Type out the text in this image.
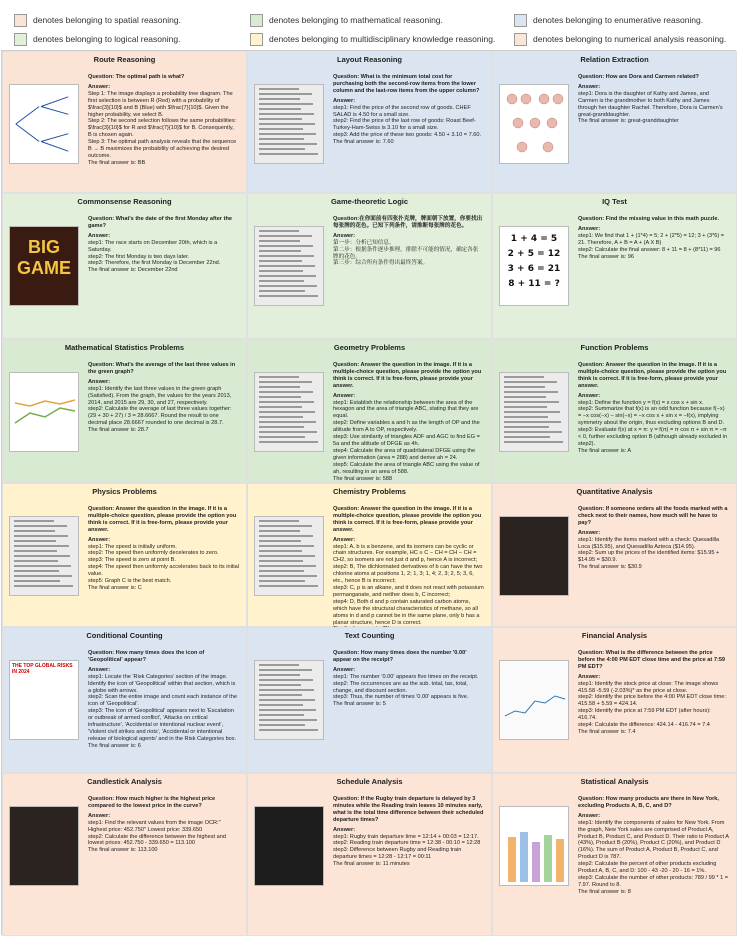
denotes belonging to spatial reasoning.	denotes belonging to mathematical reasoning.	denotes belonging to enumerative reasoning.
denotes belonging to logical reasoning.	denotes belonging to multidisciplinary knowledge reasoning.	denotes belonging to numerical analysis reasoning.
Route Reasoning
Question: The optimal path is what?
Answer:
Step 1: The image displays a probability tree diagram. The first selection is between R (Red) with a probability of $\frac{3}{10}$ and B (Blue) with $\frac{7}{10}$. Given the higher probability, we select B.
Step 2: The second selection follows the same probabilities: $\frac{3}{10}$ for R and $\frac{7}{10}$ for B. Consequently, B is chosen again.
Step 3: The optimal path analysis reveals that the sequence B → B maximizes the probability of achieving the desired outcome.
The final answer is: BB
Layout Reasoning
Question: What is the minimum total cost for purchasing both the second-row items from the lower column and the last-row items from the upper column?
Answer:
step1: Find the price of the second row of goods. CHEF SALAD is 4.50 for a small size.
step2: Find the price of the last row of goods: Roast Beef-Turkey-Ham-Swiss is 3.10 for a small size.
step3: Add the price of these two goods: 4.50 + 3.10 = 7.60.
The final answer is: 7.60
Relation Extraction
Question: How are Dora and Carmen related?
Answer:
step1: Dora is the daughter of Kathy and James, and Carmen is the grandmother to both Kathy and James through her daughter Rachel. Therefore, Dora is Carmen's great-granddaughter.
The final answer is: great-granddaughter
Commonsense Reasoning
BIG GAME
Question: What's the date of the first Monday after the game?
Answer:
step1: The race starts on December 20th, which is a Saturday.
step2: The first Monday is two days later.
step3: Therefore, the first Monday is December 22nd.
The final answer is: December 22nd
Game-theoretic Logic
Question:在你面前有四张扑克牌，牌面朝下放置，你要找出每张牌的花色。已知下列条件，请推断每张牌的花色。
Answer:
第一步：分析已知信息。
第二步：根据条件逐步推理，排除不可能的情况，确定各张牌的花色。
第三步：综合所有条件得出最终答案。
IQ Test
1 + 4 = 5
2 + 5 = 12
3 + 6 = 21
8 + 11 = ?
Question: Find the missing value in this math puzzle.
Answer:
step1: We find that 1 + (1*4) = 5; 2 + (2*5) = 12; 3 + (3*6) = 21. Therefore, A + B = A + (A X B)
step2: Calculate the final answer: 8 + 11 = 8 + (8*11) = 96
The final answer is: 96
Mathematical Statistics Problems
Question: What's the average of the last three values in the green graph?
Answer:
step1: Identify the last three values in the green graph (Satisfied). From the graph, the values for the years 2013, 2014, and 2015 are 29, 30, and 27, respectively.
step2: Calculate the average of last three values together: (29 + 30 + 27) / 3 = 28.6667. Round the result to one decimal place 28.6667 rounded to one decimal is 28.7.
The final answer is: 28.7
Geometry Problems
Question: Answer the question in the image. If it is a multiple-choice question, please provide the option you think is correct. If it is free-form, please provide your answer.
Answer:
step1: Establish the relationship between the area of the hexagon and the area of triangle ABC, stating that they are equal.
step2: Define variables a and h as the length of OP and the altitude from A to OP, respectively.
step3: Use similarity of triangles ADF and AGC to find EG = 5a and the altitude of DFGE as 4h.
step4: Calculate the area of quadrilateral DFGE using the given information (area = 288) and derive ah = 24.
step5: Calculate the area of triangle ABC using the value of ah, resulting in an area of 588.
The final answer is: 588
Function Problems
Question: Answer the question in the image. If it is a multiple-choice question, please provide the option you think is correct. If it is free-form, please provide your answer.
Answer:
step1: Define the function y = f(x) = x cos x + sin x.
step2: Summarize that f(x) is an odd function because f(−x) = −x cos(−x) − sin(−x) = −x cos x + sin x = −f(x), implying symmetry about the origin, thus excluding options B and D.
step3: Evaluate f(x) at x = π: y = f(π) = π cos π + sin π = −π < 0, further excluding option B (although already excluded in step2).
The final answer is: A
Physics Problems
Question: Answer the question in the image. If it is a multiple-choice question, please provide the option you think is correct. If it is free-form, please provide your answer.
Answer:
step1: The speed is initially uniform.
step2: The speed then uniformly decelerates to zero.
step3: The speed is zero at point B.
step4: The speed then uniformly accelerates back to its initial value.
step5: Graph C is the best match.
The final answer is: C
Chemistry Problems
Question: Answer the question in the image. If it is a multiple-choice question, please provide the option you think is correct. If it is free-form, please provide your answer.
Answer:
step1: A, b is a benzene, and its isomers can be cyclic or chain structures. For example, HC ≡ C − CH = CH − CH = CH2, so isomers are not just d and p, hence A is incorrect;
step2: B, The dichlorinated derivatives of b can have the two chlorine atoms at positions 1, 2; 1, 3; 1, 4; 2, 3; 2, 5; 3, 6, etc., hence B is incorrect;
step3: C, p is an alkane, and it does not react with potassium permanganate, and neither does b, C incorrect;
step4: D, Both d and p contain saturated carbon atoms, which have the structural characteristics of methane, so all atoms in d and p cannot be in the same plane, only b has a planar structure, hence D is correct.
Quantitative Analysis
Question: If someone orders all the foods marked with a check next to their names, how much will he have to pay?
Answer:
step1: Identify the items marked with a check: Quesadilla Loca ($15.95), and Quesadilla Azteca ($14.95).
step2: Sum up the prices of the identified items: $15.95 + $14.95 = $30.9.
The final answer is: $30.9
Conditional Counting
THE TOP GLOBAL RISKS IN 2024
Question: How many times does the icon of 'Geopolitical' appear?
Answer:
step1: Locate the 'Risk Categories' section of the image. Identify the icon of 'Geopolitical' within that section, which is a globe with arrows.
step2: Scan the entire image and count each instance of the icon of 'Geopolitical'.
step3: The icon of 'Geopolitical' appears next to 'Escalation or outbreak of armed conflict', 'Attacks on critical infrastructure', 'Accidental or intentional nuclear event', 'Violent civil strikes and riots', 'Accidental or intentional release of biological agents' and in the Risk Categories box.
The final answer is: 6
Text Counting
Question: How many times does the number '0.00' appear on the receipt?
Answer:
step1: The number '0.00' appears five times on the receipt.
step2: The occurrences are as the sub. total, tax, total, change, and discount section.
step3: Thus, the number of times '0.00' appears is five.
The final answer is: 5
Financial Analysis
Question: What is the difference between the price before the 4:00 PM EDT close time and the price at 7:59 PM EDT?
Answer:
step1: Identify the stock price at close: The image shows 415.58 -5.59 (-2.03%)* as the price at close.
step2: Identify the price before the 4:00 PM EDT close time: 415.58 + 5.59 = 424.14.
step3: Identify the price at 7:59 PM EDT (after hours): 416.74.
step4: Calculate the difference: 424.14 - 416.74 = 7.4
The final answer is: 7.4
Candlestick Analysis
Question: How much higher is the highest price compared to the lowest price in the curve?
Answer:
step1: Find the relevant values from the image OCR:" Highest price: 452.750" Lowest price: 339.650
step2: Calculate the difference between the highest and lowest prices: 452.750 - 339.650 = 113.100
The final answer is: 113.100
Schedule Analysis
Question: If the Rugby train departure is delayed by 3 minutes while the Reading train leaves 10 minutes early, what is the total time difference between their scheduled departure times?
Answer:
step1: Rugby train departure time = 12:14 + 00:03 = 12:17.
step2: Reading train departure time = 12:38 - 00:10 = 12:28
step3: Difference between Rugby and Reading train departure times = 12:28 - 12:17 = 00:11
The final answer is: 11 minutes
Statistical Analysis
Question: How many products are there in New York, excluding Products A, B, C, and D?
Answer:
step1: Identify the components of sales for New York. From the graph, New York sales are comprised of Product A, Product B, Product C, and Product D. Their ratio is Product A (43%), Product B (20%), Product C (20%), and Product D (16%). The sum of Product A, Product B, Product C, and Product D is 787.
step2: Calculate the percent of other products excluding Product A, B, C, and D: 100 - 43 -20 - 20 - 16 = 1%.
step3: Calculate the number of other products: 789 / 99 * 1 = 7.97. Round to 8.
The final answer is: 8
